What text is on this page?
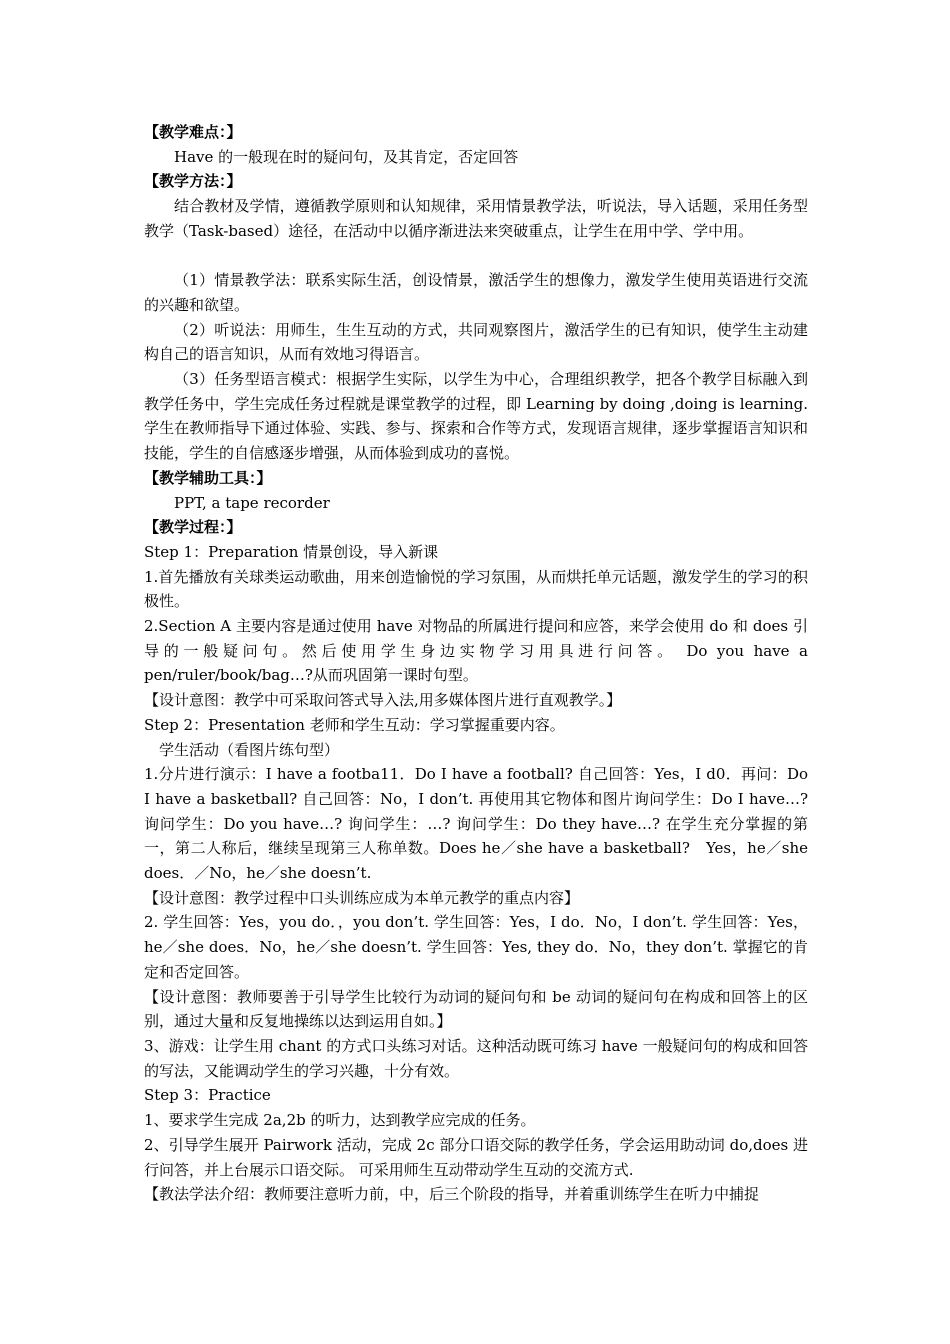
【教学难点：】

Have 的一般现在时的疑问句，及其肯定，否定回答

【教学方法：】

结合教材及学情，遵循教学原则和认知规律，采用情景教学法，听说法，导入话题，采用任务型教学（Task-based）途径，在活动中以循序渐进法来突破重点，让学生在用中学、学中用。

（1）情景教学法：联系实际生活，创设情景，激活学生的想像力，激发学生使用英语进行交流的兴趣和欲望。

（2）听说法：用师生，生生互动的方式，共同观察图片，激活学生的已有知识，使学生主动建构自己的语言知识，从而有效地习得语言。

（3）任务型语言模式：根据学生实际，以学生为中心，合理组织教学，把各个教学目标融入到教学任务中，学生完成任务过程就是课堂教学的过程，即 Learning by doing ,doing is learning.学生在教师指导下通过体验、实践、参与、探索和合作等方式，发现语言规律，逐步掌握语言知识和技能，学生的自信感逐步增强，从而体验到成功的喜悦。

【教学辅助工具：】

PPT, a tape recorder

【教学过程：】

Step 1：Preparation 情景创设，导入新课

1.首先播放有关球类运动歌曲，用来创造愉悦的学习氛围，从而烘托单元话题，激发学生的学习的积极性。

2.Section A 主要内容是通过使用 have 对物品的所属进行提问和应答，来学会使用 do 和 does 引导的一般疑问句。然后使用学生身边实物学习用具进行问答。 Do you have a pen/ruler/book/bag…?从而巩固第一课时句型。

【设计意图：教学中可采取问答式导入法,用多媒体图片进行直观教学。】

Step 2：Presentation 老师和学生互动：学习掌握重要内容。

学生活动（看图片练句型）

1.分片进行演示：I have a footba11．Do I have a football? 自己回答：Yes，I d0．再问：Do I have a basketball? 自己回答：No，I don’t. 再使用其它物体和图片询问学生：Do I have…? 询问学生：Do you have…? 询问学生：…? 询问学生：Do they have…? 在学生充分掌握的第一，第二人称后，继续呈现第三人称单数。Does he／she have a basketball?　Yes，he／she does．／No，he／she doesn’t.

【设计意图：教学过程中口头训练应成为本单元教学的重点内容】

2. 学生回答：Yes，you do．，you don’t. 学生回答：Yes，I do．No，I don’t. 学生回答：Yes，he／she does．No，he／she doesn’t. 学生回答：Yes, they do．No，they don’t. 掌握它的肯定和否定回答。

【设计意图：教师要善于引导学生比较行为动词的疑问句和 be 动词的疑问句在构成和回答上的区别，通过大量和反复地操练以达到运用自如。】

3、游戏：让学生用 chant 的方式口头练习对话。这种活动既可练习 have 一般疑问句的构成和回答的写法，又能调动学生的学习兴趣，十分有效。

Step 3：Practice

1、要求学生完成 2a,2b 的听力，达到教学应完成的任务。

2、引导学生展开 Pairwork 活动，完成 2c 部分口语交际的教学任务，学会运用助动词 do,does 进行问答，并上台展示口语交际。 可采用师生互动带动学生互动的交流方式.

【教法学法介绍：教师要注意听力前，中，后三个阶段的指导，并着重训练学生在听力中捕捉
